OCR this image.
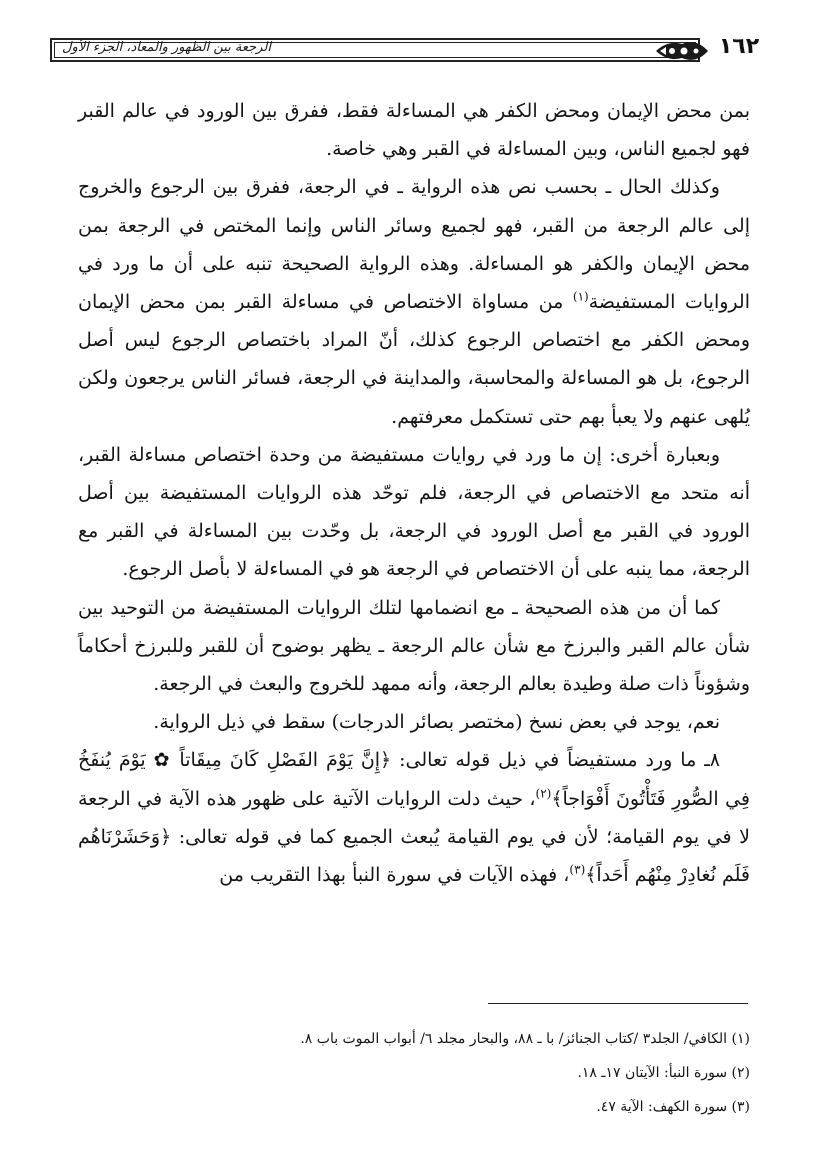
الرجعة بين الظهور والمعاد، الجزء الأول	١٦٢

بمن محض الإيمان ومحض الكفر هي المساءلة فقط، ففرق بين الورود في عالم القبر فهو لجميع الناس، وبين المساءلة في القبر وهي خاصة.

وكذلك الحال ـ بحسب نص هذه الرواية ـ في الرجعة، ففرق بين الرجوع والخروج إلى عالم الرجعة من القبر، فهو لجميع وسائر الناس وإنما المختص في الرجعة بمن محض الإيمان والكفر هو المساءلة. وهذه الرواية الصحيحة تنبه على أن ما ورد في الروايات المستفيضة$^{(١)}$ من مساواة الاختصاص في مساءلة القبر بمن محض الإيمان ومحض الكفر مع اختصاص الرجوع كذلك، أنّ المراد باختصاص الرجوع ليس أصل الرجوع، بل هو المساءلة والمحاسبة، والمداينة في الرجعة، فسائر الناس يرجعون ولكن يُلهى عنهم ولا يعبأ بهم حتى تستكمل معرفتهم.

وبعبارة أخرى: إن ما ورد في روايات مستفيضة من وحدة اختصاص مساءلة القبر، أنه متحد مع الاختصاص في الرجعة، فلم توحّد هذه الروايات المستفيضة بين أصل الورود في القبر مع أصل الورود في الرجعة، بل وحّدت بين المساءلة في القبر مع الرجعة، مما ينبه على أن الاختصاص في الرجعة هو في المساءلة لا بأصل الرجوع.

كما أن من هذه الصحيحة ـ مع انضمامها لتلك الروايات المستفيضة من التوحيد بين شأن عالم القبر والبرزخ مع شأن عالم الرجعة ـ يظهر بوضوح أن للقبر وللبرزخ أحكاماً وشؤوناً ذات صلة وطيدة بعالم الرجعة، وأنه ممهد للخروج والبعث في الرجعة.

نعم، يوجد في بعض نسخ (مختصر بصائر الدرجات) سقط في ذيل الرواية.

٨ـ ما ورد مستفيضاً في ذيل قوله تعالى: ﴿إِنَّ يَوْمَ الفَصْلِ كَانَ مِيقَاتاً ✿ يَوْمَ يُنفَخُ فِي الصُّورِ فَتَأْتُونَ أَفْوَاجاً﴾$^{(٢)}$، حيث دلت الروايات الآتية على ظهور هذه الآية في الرجعة لا في يوم القيامة؛ لأن في يوم القيامة يُبعث الجميع كما في قوله تعالى: ﴿وَحَشَرْنَاهُم فَلَم نُغادِرْ مِنْهُم أَحَداً﴾$^{(٣)}$، فهذه الآيات في سورة النبأ بهذا التقريب من

(١) الكافي/ الجلد٣ /كتاب الجنائز/ با ـ ٨٨، والبحار مجلد ٦/ أبواب الموت باب ٨.
(٢) سورة النبأ: الآيتان ١٧ـ ١٨.
(٣) سورة الكهف: الآية ٤٧.
